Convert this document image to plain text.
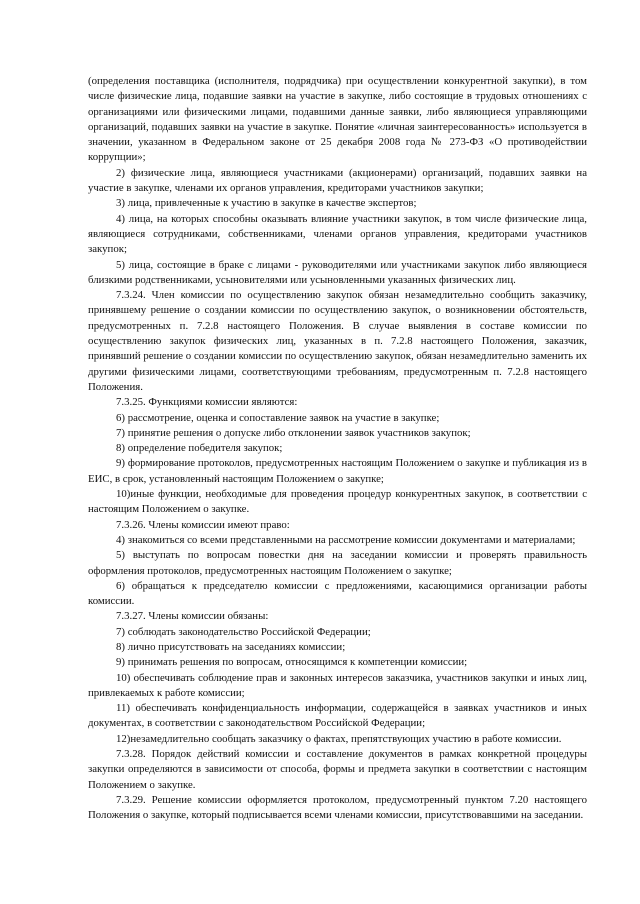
(определения поставщика (исполнителя, подрядчика) при осуществлении конкурентной закупки), в том числе физические лица, подавшие заявки на участие в закупке, либо состоящие в трудовых отношениях с организациями или физическими лицами, подавшими данные заявки, либо являющиеся управляющими организаций, подавших заявки на участие в закупке. Понятие «личная заинтересованность» используется в значении, указанном в Федеральном законе от 25 декабря 2008 года № 273-ФЗ «О противодействии коррупции»;

2) физические лица, являющиеся участниками (акционерами) организаций, подавших заявки на участие в закупке, членами их органов управления, кредиторами участников закупки;

3) лица, привлеченные к участию в закупке в качестве экспертов;

4) лица, на которых способны оказывать влияние участники закупок, в том числе физические лица, являющиеся сотрудниками, собственниками, членами органов управления, кредиторами участников закупок;

5) лица, состоящие в браке с лицами - руководителями или участниками закупок либо являющиеся близкими родственниками, усыновителями или усыновленными указанных физических лиц.

7.3.24. Член комиссии по осуществлению закупок обязан незамедлительно сообщить заказчику, принявшему решение о создании комиссии по осуществлению закупок, о возникновении обстоятельств, предусмотренных п. 7.2.8 настоящего Положения. В случае выявления в составе комиссии по осуществлению закупок физических лиц, указанных в п. 7.2.8 настоящего Положения, заказчик, принявший решение о создании комиссии по осуществлению закупок, обязан незамедлительно заменить их другими физическими лицами, соответствующими требованиям, предусмотренным п. 7.2.8 настоящего Положения.

7.3.25. Функциями комиссии являются:

6) рассмотрение, оценка и сопоставление заявок на участие в закупке;

7) принятие решения о допуске либо отклонении заявок участников закупок;

8) определение победителя закупок;

9) формирование протоколов, предусмотренных настоящим Положением о закупке и публикация из в ЕИС, в срок, установленный настоящим Положением о закупке;

10)иные функции, необходимые для проведения процедур конкурентных закупок, в соответствии с настоящим Положением о закупке.

7.3.26. Члены комиссии имеют право:

4) знакомиться со всеми представленными на рассмотрение комиссии документами и материалами;

5) выступать по вопросам повестки дня на заседании комиссии и проверять правильность оформления протоколов, предусмотренных настоящим Положением о закупке;

6) обращаться к председателю комиссии с предложениями, касающимися организации работы комиссии.

7.3.27. Члены комиссии обязаны:

7) соблюдать законодательство Российской Федерации;

8) лично присутствовать на заседаниях комиссии;

9) принимать решения по вопросам, относящимся к компетенции комиссии;

10) обеспечивать соблюдение прав и законных интересов заказчика, участников закупки и иных лиц, привлекаемых к работе комиссии;

11) обеспечивать конфиденциальность информации, содержащейся в заявках участников и иных документах, в соответствии с законодательством Российской Федерации;

12)незамедлительно сообщать заказчику о фактах, препятствующих участию в работе комиссии.

7.3.28. Порядок действий комиссии и составление документов в рамках конкретной процедуры закупки определяются в зависимости от способа, формы и предмета закупки в соответствии с настоящим Положением о закупке.

7.3.29. Решение комиссии оформляется протоколом, предусмотренный пунктом 7.20 настоящего Положения о закупке, который подписывается всеми членами комиссии, присутствовавшими на заседании.
